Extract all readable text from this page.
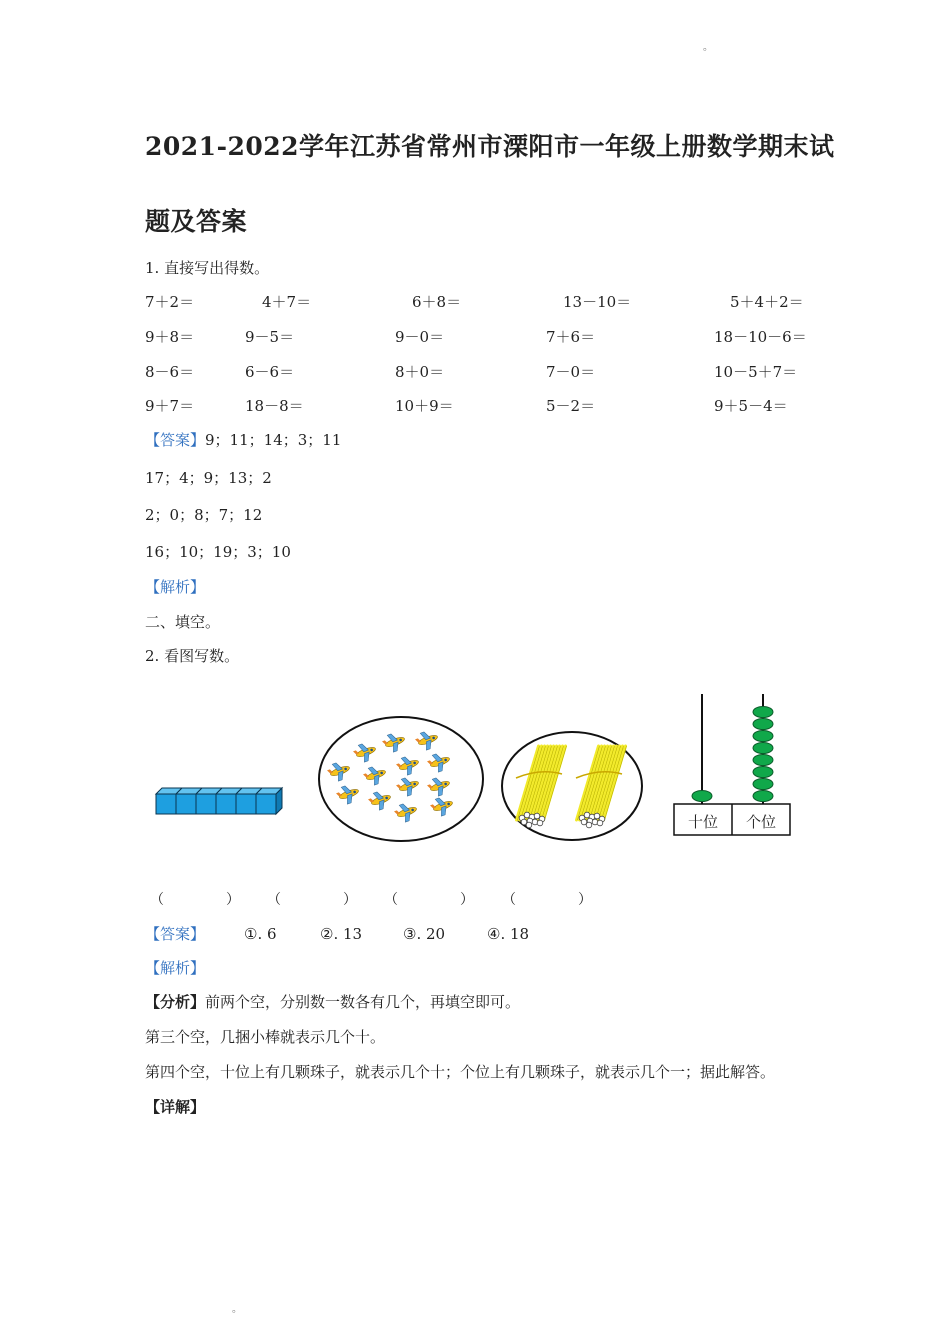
。
。
2021-2022学年江苏省常州市溧阳市一年级上册数学期末试
题及答案
1. 直接写出得数。
7＋2＝	4＋7＝	6＋8＝	13－10＝	5＋4＋2＝
9＋8＝	9－5＝	9－0＝	7＋6＝	18－10－6＝
8－6＝	6－6＝	8＋0＝	7－0＝	10－5＋7＝
9＋7＝	18－8＝	10＋9＝	5－2＝	9＋5－4＝
【答案】9；11；14；3；11
17；4；9；13；2
2；0；8；7；12
16；10；19；3；10
【解析】
二、填空。
2. 看图写数。
十位	个位
（	） （	） （	） （	）
【答案】	①. 6	②. 13	③. 20	④. 18
【解析】
【分析】前两个空，分别数一数各有几个，再填空即可。
第三个空，几捆小棒就表示几个十。
第四个空，十位上有几颗珠子，就表示几个十；个位上有几颗珠子，就表示几个一；据此解答。
【详解】
